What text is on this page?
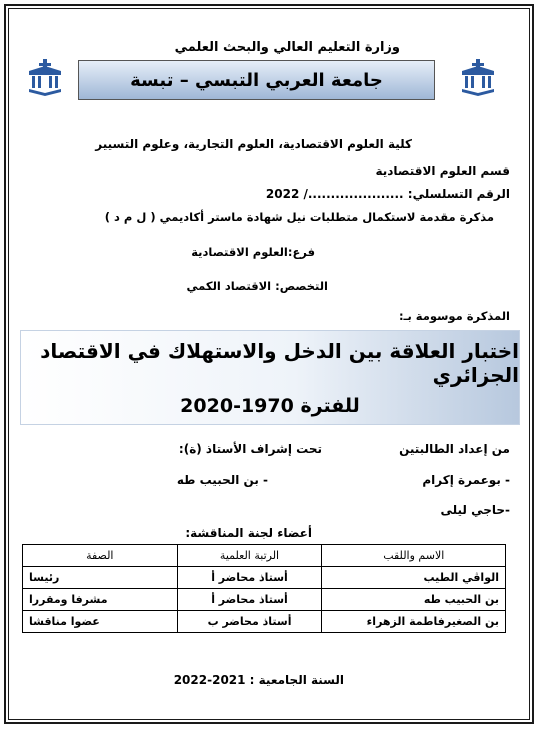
وزارة التعليم العالي والبحث العلمي
جامعة العربي التبسي – تبسة
كلية العلوم الاقتصادية، العلوم التجارية، وعلوم التسيير
قسم العلوم الاقتصادية
الرقم التسلسلي: ...................../ 2022
مذكرة مقدمة لاستكمال متطلبات نيل شهادة ماستر أكاديمي ( ل م د )
فرع:العلوم الاقتصادية
التخصص: الاقتصاد الكمي
المذكرة موسومة بـ:
اختبار العلاقة بين الدخل والاستهلاك في الاقتصاد الجزائري
للفترة 1970-2020
من إعداد الطالبتين
تحت إشراف الأستاذ (ة):
- بوعمرة إكرام
- بن الحبيب طه
-حاجي ليلى
أعضاء لجنة المناقشة:
الاسم واللقب	الرتبة العلمية	الصفة
الواڨي الطيب	أستاذ محاضر أ	رئيسا
بن الحبيب طه	أستاذ محاضر أ	مشرفا ومقررا
بن الصغيرفاطمة الزهراء	أستاذ محاضر ب	عضوا مناقشا
السنة الجامعية : 2021-2022
